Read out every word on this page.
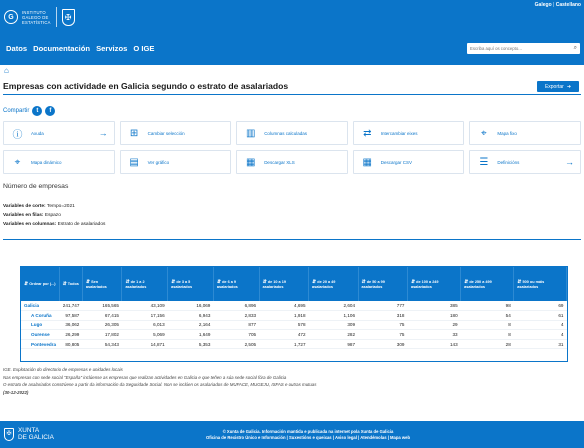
G
INSTITUTO
GALEGO DE
ESTATÍSTICA
✠
Galego | Castellano
Datos Documentación Servizos O IGE
Escriba aquí os concepto...	⌕
⌂
Empresas con actividade en Galicia segundo o estrato de asalariados	Exportar ➜
Compartir	t	f
ⓘ	Axuda	→	⊞	Cambiar selección	▥	Columnas calculadas	⇄	Intercambiar eixes	⌖	Mapa fixo
⌖	Mapa dinámico	▤	Ver gráfico	▦	Descargar XLS	▦	Descargar CSV	☰	Definicións	→
Número de empresas
Variables de corte: Tempo=2021
Variables en filas: Espazo
Variables en columnas: Estrato de asalariados
⇵Ordear por (...)	⇵Todos	⇵Sen asalariados	⇵de 1 a 2 asalariados	⇵de 3 a 5 asalariados	⇵de 6 a 9 asalariados	⇵de 10 a 19 asalariados	⇵de 20 a 49 asalariados	⇵de 50 a 99 asalariados	⇵de 100 a 249 asalariados	⇵de 250 a 499 asalariados	⇵500 ou máis asalariados
Galicia	241,747	165,565	43,109	16,069	6,896	4,695	2,604	777	385	98	69
A Coruña	97,587	67,415	17,156	6,943	2,833	1,918	1,106	318	180	54	61
Lugo	36,062	26,305	6,013	2,164	877	578	309	75	29	8	4
Ourense	26,299	17,802	5,069	1,649	705	472	282	75	33	8	4
Pontevedra	80,805	54,343	14,871	5,353	2,505	1,727	987	309	143	28	31
IGE. Explotación do directorio de empresas e unidades locais
Nas empresas con sede social "España" inclúense as empresas que realizan actividades en Galicia e que teñen a súa sede social fóra de Galicia
O estrato de asalariados constrúese a partir da información da Seguridade Social. Non se inclúen os asalariados de MUFACE, MUGEJU, ISFAS e outras mutuas
(30-12-2022)
✠
XUNTA
DE GALICIA
© Xunta de Galicia. Información mantida e publicada na internet pola Xunta de Galicia
Oficina de Rexistro Único e Información | Suxestións e queixas | Aviso legal | Atendémolas | Mapa web
